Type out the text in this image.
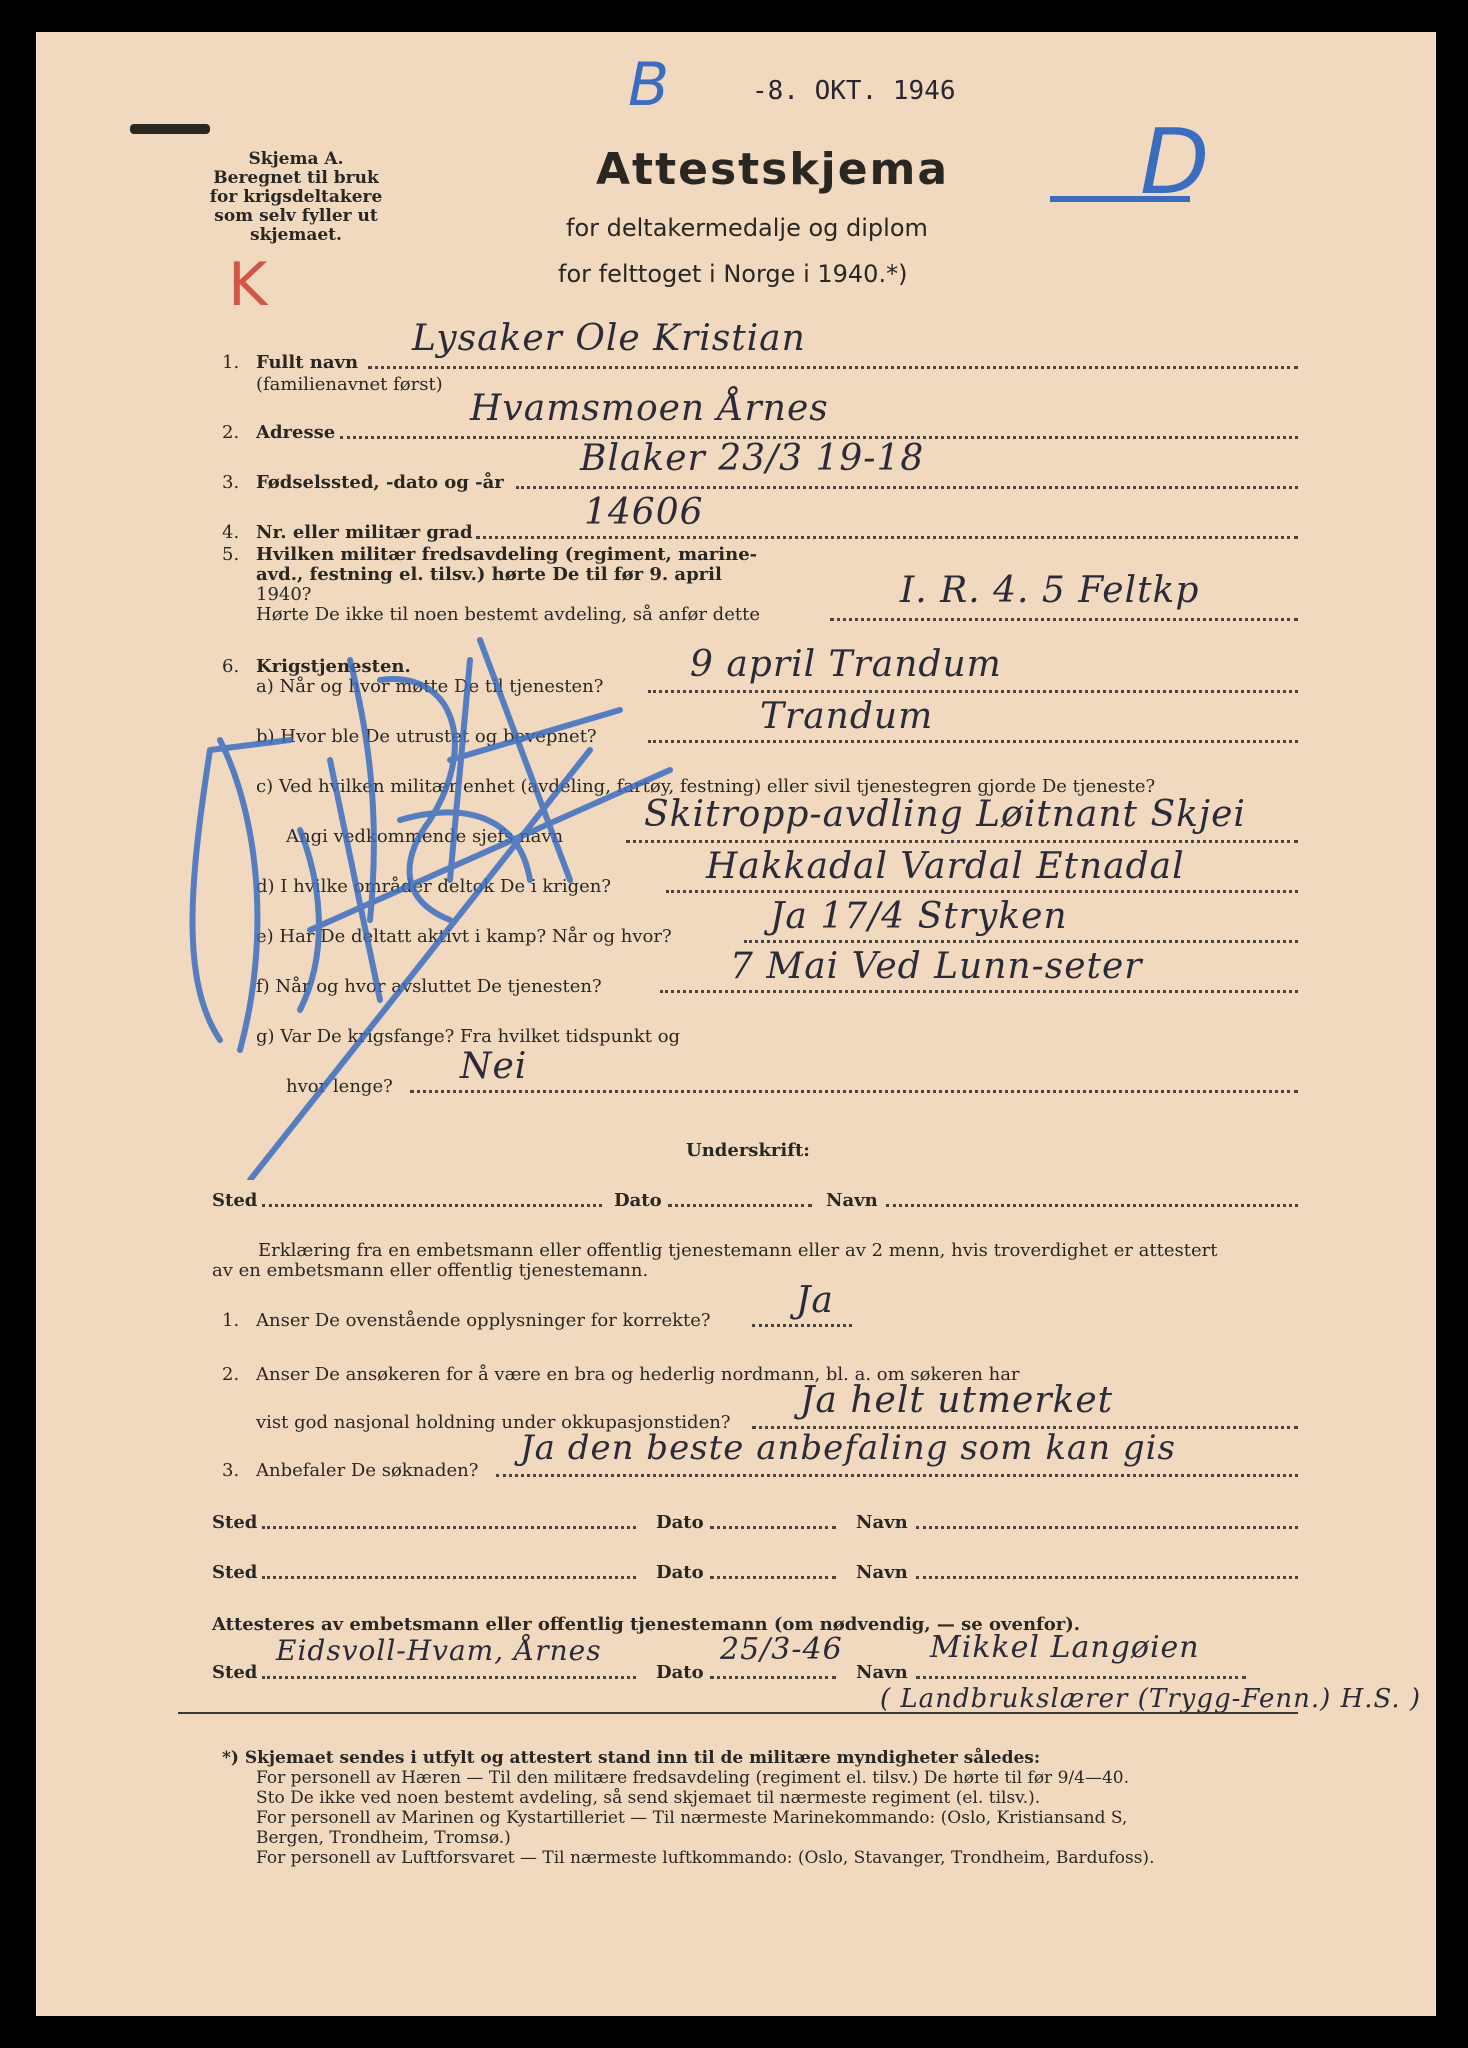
-8. OKT. 1946
B
D
K
Skjema A. Beregnet til bruk for krigsdeltakere som selv fyller ut skjemaet.
Attestskjema
for deltakermedalje og diplom
for felttoget i Norge i 1940.*)
1. Fullt navn
(familienavnet først)
Lysaker Ole Kristian
2. Adresse
Hvamsmoen Årnes
3. Fødselssted, -dato og -år
Blaker 23/3 19-18
4. Nr. eller militær grad	14606
5. Hvilken militær fredsavdeling (regiment, marine-
avd., festning el. tilsv.) hørte De til før 9. april
1940?
Hørte De ikke til noen bestemt avdeling, så anfør dette
I. R. 4. 5 Feltkp
6. Krigstjenesten.
a) Når og hvor møtte De til tjenesten?
9 april Trandum
b) Hvor ble De utrustet og bevepnet?	Trandum
c) Ved hvilken militær enhet (avdeling, fartøy, festning) eller sivil tjenestegren gjorde De tjeneste?
Angi vedkommende sjefs navn
Skitropp-avdling Løitnant Skjei
d) I hvilke områder deltok De i krigen?	Hakkadal Vardal Etnadal
e) Har De deltatt aktivt i kamp? Når og hvor?	Ja 17/4 Stryken
f) Når og hvor avsluttet De tjenesten?	7 Mai Ved Lunn-seter
g) Var De krigsfange? Fra hvilket tidspunkt og
hvor lenge? Nei
Underskrift:
Sted	Dato	Navn
Erklæring fra en embetsmann eller offentlig tjenestemann eller av 2 menn, hvis troverdighet er attestert
av en embetsmann eller offentlig tjenestemann.
1. Anser De ovenstående opplysninger for korrekte? Ja
2. Anser De ansøkeren for å være en bra og hederlig nordmann, bl. a. om søkeren har
vist god nasjonal holdning under okkupasjonstiden?
Ja helt utmerket
3. Anbefaler De søknaden?
Ja den beste anbefaling som kan gis
Sted	Dato	Navn
Sted	Dato	Navn
Attesteres av embetsmann eller offentlig tjenestemann (om nødvendig, — se ovenfor).
Sted
Eidsvoll-Hvam, Årnes
Dato
25/3-46
Navn
Mikkel Langøien
( Landbrukslærer (Trygg-Fenn.) H.S. )
*) Skjemaet sendes i utfylt og attestert stand inn til de militære myndigheter således:
For personell av Hæren — Til den militære fredsavdeling (regiment el. tilsv.) De hørte til før 9/4—40.
Sto De ikke ved noen bestemt avdeling, så send skjemaet til nærmeste regiment (el. tilsv.).
For personell av Marinen og Kystartilleriet — Til nærmeste Marinekommando: (Oslo, Kristiansand S,
Bergen, Trondheim, Tromsø.)
For personell av Luftforsvaret — Til nærmeste luftkommando: (Oslo, Stavanger, Trondheim, Bardufoss).
